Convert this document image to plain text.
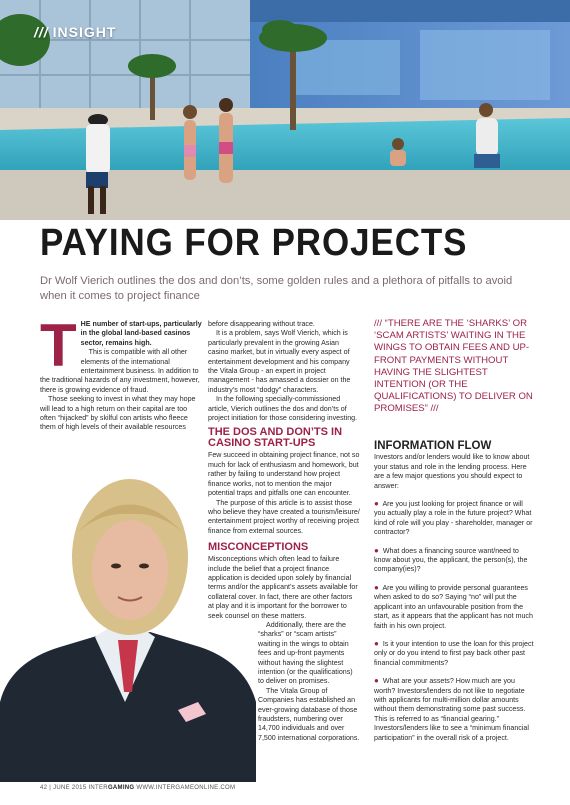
/// INSIGHT
PAYING FOR PROJECTS

Dr Wolf Vierich outlines the dos and don’ts, some golden rules and a plethora of pitfalls to avoid when it comes to project finance

T HE number of start-ups, particularly in the global land-based casinos sector, remains high.

This is compatible with all other elements of the international entertainment business. In addition to the traditional hazards of any investment, however, there is growing evidence of fraud.

Those seeking to invest in what they may hope will lead to a high return on their capital are too often “hijacked” by skilful con artists who fleece them of high levels of their available resources

before disappearing without trace.

It is a problem, says Wolf Vierich, which is particularly prevalent in the growing Asian casino market, but in virtually every aspect of entertainment development and his company the Vitala Group - an expert in project management - has amassed a dossier on the industry’s most “dodgy” characters.

In the following specially-commissioned article, Vierich outlines the dos and don’ts of project initiation for those considering investing.

THE DOS AND DON’TS IN CASINO START-UPS

Few succeed in obtaining project finance, not so much for lack of enthusiasm and homework, but rather by failing to understand how project finance works, not to mention the major potential traps and pitfalls one can encounter.

The purpose of this article is to assist those who believe they have created a tourism/leisure/ entertainment project worthy of receiving project finance from external sources.

MISCONCEPTIONS

Misconceptions which often lead to failure include the belief that a project finance application is decided upon solely by financial terms and/or the applicant’s assets available for collateral cover. In fact, there are other factors at play and it is important for the borrower to seek counsel on these matters.

Additionally, there are the “sharks” or “scam artists” waiting in the wings to obtain fees and up-front payments without having the slightest intention (or the qualifications) to deliver on promises.

The Vitala Group of Companies has established an ever-growing database of those fraudsters, numbering over 14,700 individuals and over 7,500 international corporations.

/// “THERE ARE THE ‘SHARKS’ OR ‘SCAM ARTISTS’ WAITING IN THE WINGS TO OBTAIN FEES AND UP-FRONT PAYMENTS WITHOUT HAVING THE SLIGHTEST INTENTION (OR THE QUALIFICATIONS) TO DELIVER ON PROMISES” ///

INFORMATION FLOW

Investors and/or lenders would like to know about your status and role in the lending process. Here are a few major questions you should expect to answer:

● Are you just looking for project finance or will you actually play a role in the future project? What kind of role will you play - shareholder, manager or contractor?

● What does a financing source want/need to know about you, the applicant, the person(s), the company(ies)?

● Are you willing to provide personal guarantees when asked to do so? Saying “no” will put the applicant into an unfavourable position from the start, as it appears that the applicant has not much faith in his own project.

● Is it your intention to use the loan for this project only or do you intend to first pay back other past financial commitments?

● What are your assets? How much are you worth? Investors/lenders do not like to negotiate with applicants for multi-million dollar amounts without them demonstrating some past success. This is referred to as “financial gearing.” Investors/lenders like to see a “minimum financial participation” in the overall risk of a project.

42 | JUNE 2015 INTERGAMING WWW.INTERGAMEONLINE.COM
